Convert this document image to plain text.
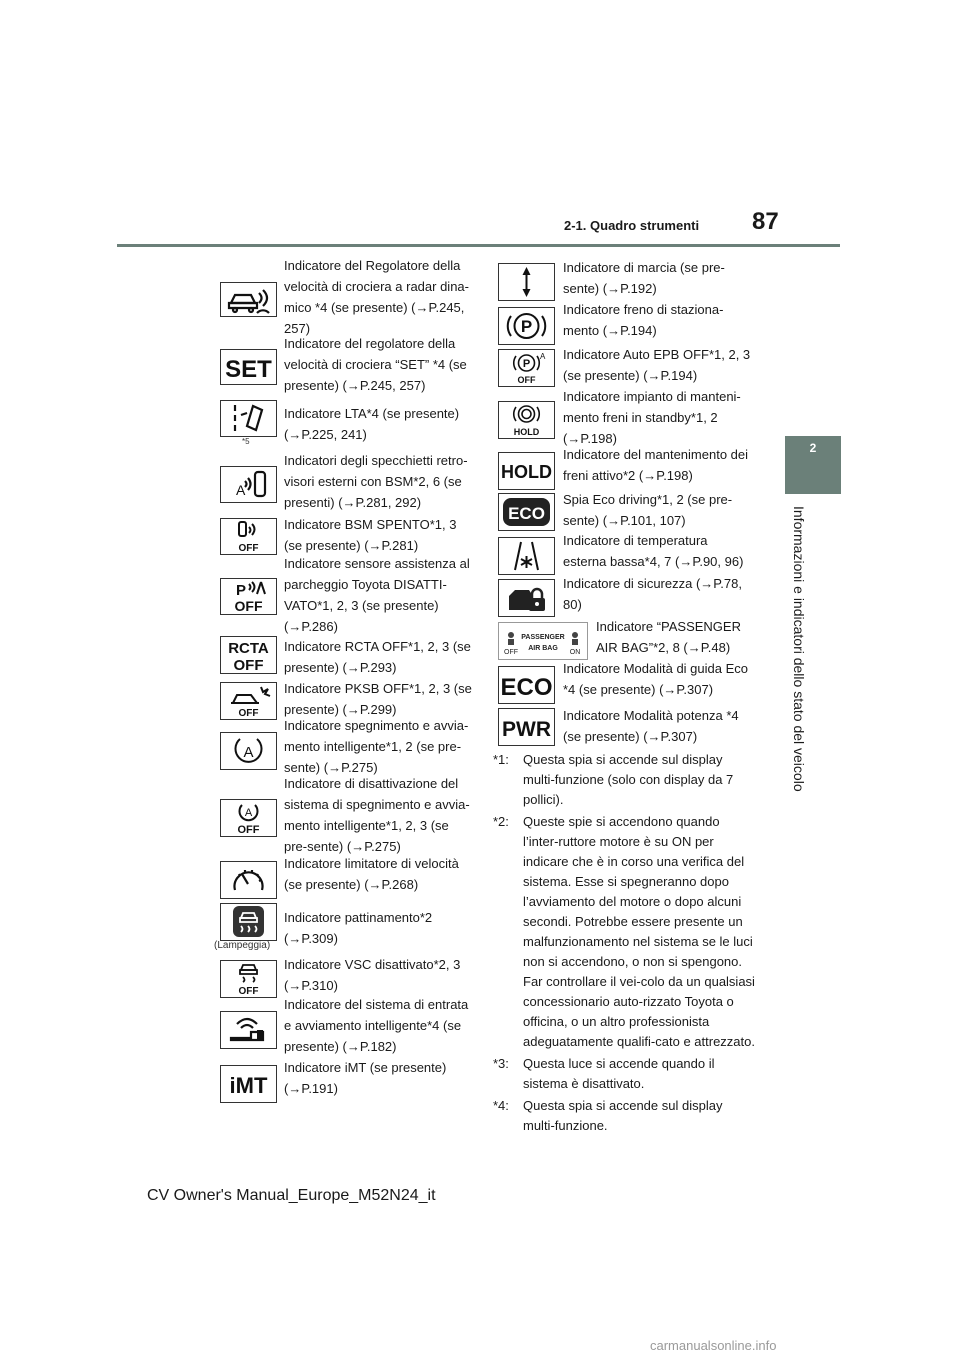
87
2-1. Quadro strumenti
2
Informazioni e indicatori dello stato del veicolo
Indicatore del Regolatore della velocità di crociera a radar dina-mico *4 (se presente) (→P.245, 257)
SET
Indicatore del regolatore della velocità di crociera “SET” *4 (se presente) (→P.245, 257)
*5
Indicatore LTA*4 (se presente) (→P.225, 241)
A
Indicatori degli specchietti retro-visori esterni con BSM*2, 6 (se presenti) (→P.281, 292)
OFF
Indicatore BSM SPENTO*1, 3 (se presente) (→P.281)
P
OFF
Indicatore sensore assistenza al parcheggio Toyota DISATTI-VATO*1, 2, 3 (se presente) (→P.286)
RCTA
OFF
Indicatore RCTA OFF*1, 2, 3 (se presente) (→P.293)
OFF
Indicatore PKSB OFF*1, 2, 3 (se presente) (→P.299)
A
Indicatore spegnimento e avvia-mento intelligente*1, 2 (se pre-sente) (→P.275)
A
OFF
Indicatore di disattivazione del sistema di spegnimento e avvia-mento intelligente*1, 2, 3 (se pre-sente) (→P.275)
Indicatore limitatore di velocità (se presente) (→P.268)
(Lampeggia)
Indicatore pattinamento*2 (→P.309)
OFF
Indicatore VSC disattivato*2, 3 (→P.310)
Indicatore del sistema di entrata e avviamento intelligente*4 (se presente) (→P.182)
iMT
Indicatore iMT (se presente) (→P.191)
Indicatore di marcia (se pre-sente) (→P.192)
P
Indicatore freno di staziona-mento (→P.194)
P
A
OFF
Indicatore Auto EPB OFF*1, 2, 3 (se presente) (→P.194)
HOLD
Indicatore impianto di manteni-mento freni in standby*1, 2 (→P.198)
HOLD
Indicatore del mantenimento dei freni attivo*2 (→P.198)
ECO
Spia Eco driving*1, 2 (se pre-sente) (→P.101, 107)
Indicatore di temperatura esterna bassa*4, 7 (→P.90, 96)
Indicatore di sicurezza (→P.78, 80)
OFF
PASSENGER
AIR BAG
ON
Indicatore “PASSENGER AIR BAG”*2, 8 (→P.48)
ECO
Indicatore Modalità di guida Eco *4 (se presente) (→P.307)
PWR
Indicatore Modalità potenza *4 (se presente) (→P.307)
*1: Questa spia si accende sul display multi-funzione (solo con display da 7 pollici).
*2: Queste spie si accendono quando l’inter-ruttore motore è su ON per indicare che è in corso una verifica del sistema. Esse si spegneranno dopo l’avviamento del motore o dopo alcuni secondi. Potrebbe essere presente un malfunzionamento nel sistema se le luci non si accendono, o non si spengono. Far controllare il vei-colo da un qualsiasi concessionario auto-rizzato Toyota o officina, o un altro professionista adeguatamente qualifi-cato e attrezzato.
*3: Questa luce si accende quando il sistema è disattivato.
*4: Questa spia si accende sul display multi-funzione.
CV Owner's Manual_Europe_M52N24_it
carmanualsonline.info
